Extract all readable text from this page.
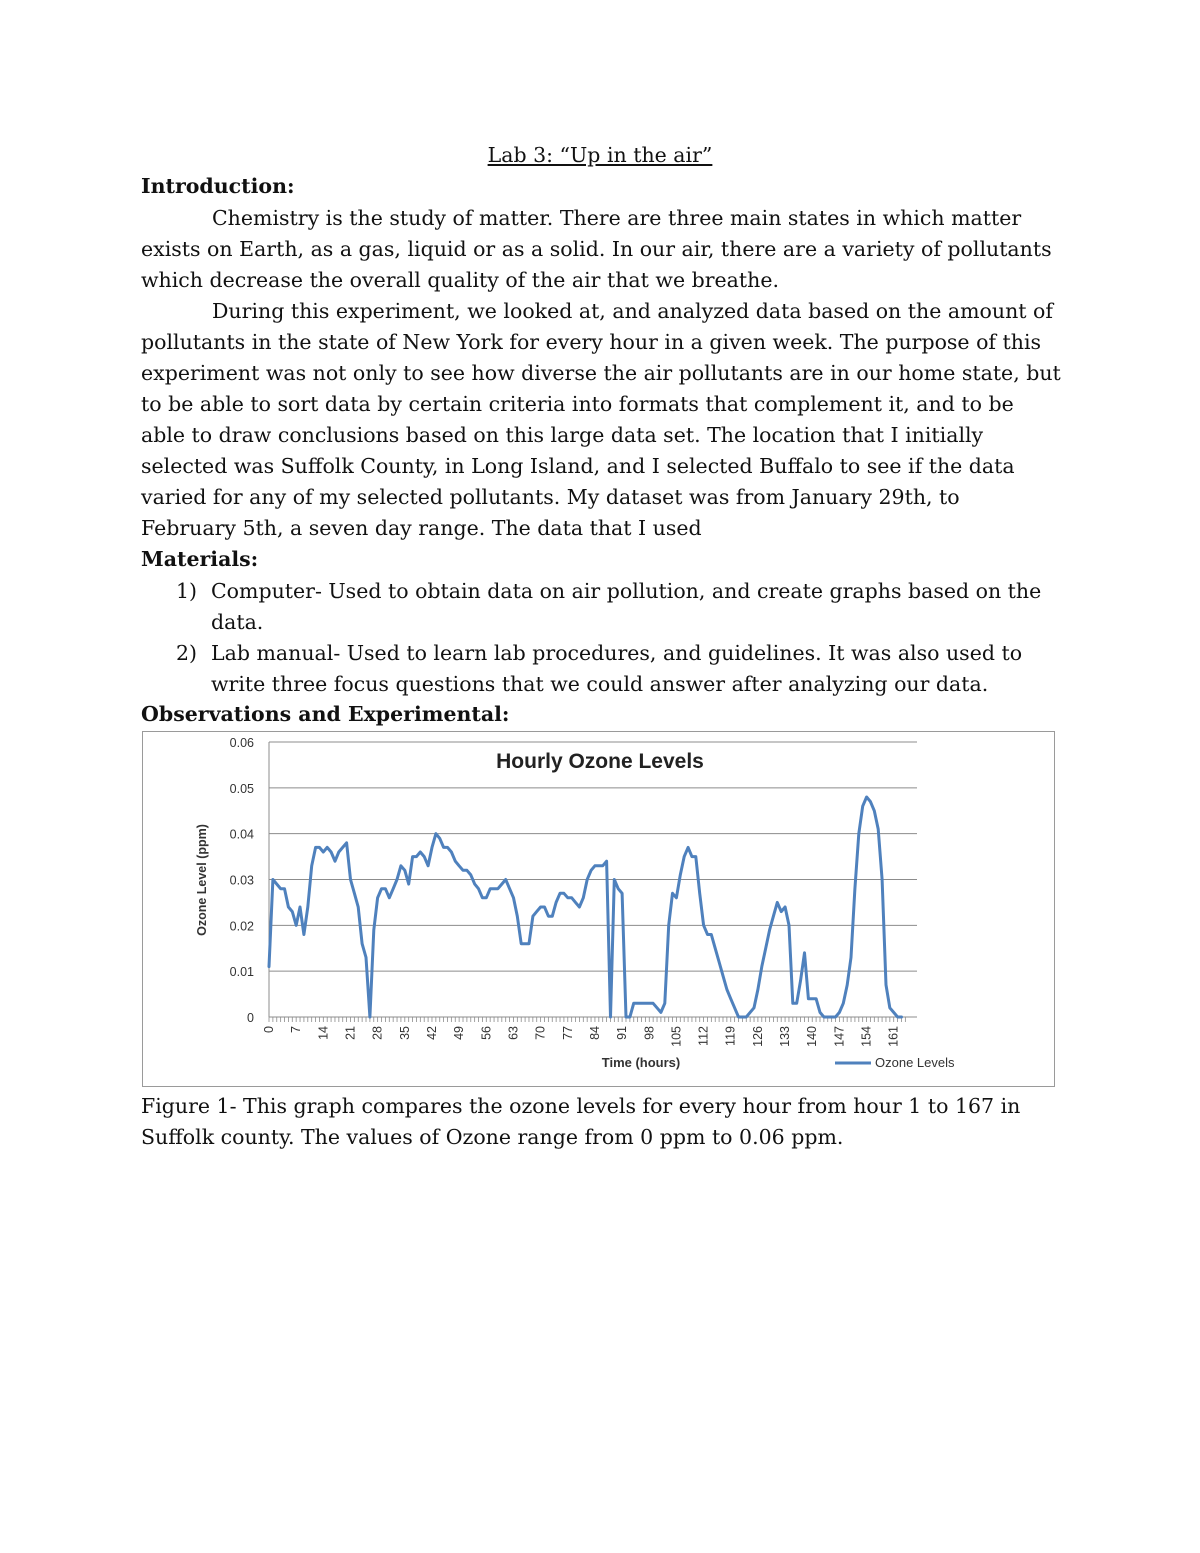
Lab 3: “Up in the air”
Introduction:

Chemistry is the study of matter. There are three main states in which matter exists on Earth, as a gas, liquid or as a solid. In our air, there are a variety of pollutants which decrease the overall quality of the air that we breathe.

During this experiment, we looked at, and analyzed data based on the amount of pollutants in the state of New York for every hour in a given week. The purpose of this experiment was not only to see how diverse the air pollutants are in our home state, but to be able to sort data by certain criteria into formats that complement it, and to be able to draw conclusions based on this large data set. The location that I initially selected was Suffolk County, in Long Island, and I selected Buffalo to see if the data varied for any of my selected pollutants. My dataset was from January 29th, to February 5th, a seven day range. The data that I used

Materials:
1) Computer- Used to obtain data on air pollution, and create graphs based on the data.
2) Lab manual- Used to learn lab procedures, and guidelines. It was also used to write three focus questions that we could answer after analyzing our data.
Observations and Experimental:
0
0.01
0.02
0.03
0.04
0.05
0.06
0 7 14 21 28 35 42 49 56 63 70 77 84 91 98 105 112 119 126 133 140 147 154 161
Hourly Ozone Levels
Time (hours)
Ozone Level (ppm)
Ozone Levels

Figure 1- This graph compares the ozone levels for every hour from hour 1 to 167 in Suffolk county. The values of Ozone range from 0 ppm to 0.06 ppm.
